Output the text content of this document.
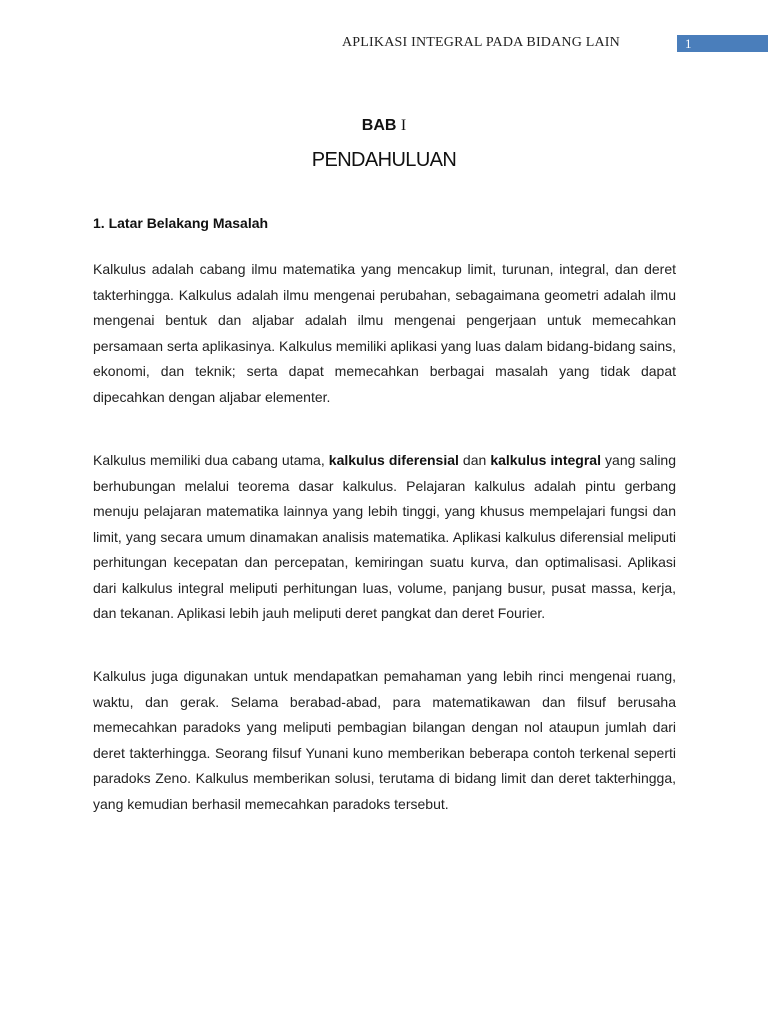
APLIKASI INTEGRAL PADA BIDANG LAIN	1
BAB I
PENDAHULUAN
1. Latar Belakang Masalah

Kalkulus adalah cabang ilmu matematika yang mencakup limit, turunan, integral, dan deret takterhingga. Kalkulus adalah ilmu mengenai perubahan, sebagaimana geometri adalah ilmu mengenai bentuk dan aljabar adalah ilmu mengenai pengerjaan untuk memecahkan persamaan serta aplikasinya. Kalkulus memiliki aplikasi yang luas dalam bidang-bidang sains, ekonomi, dan teknik; serta dapat memecahkan berbagai masalah yang tidak dapat dipecahkan dengan aljabar elementer.

Kalkulus memiliki dua cabang utama, kalkulus diferensial dan kalkulus integral yang saling berhubungan melalui teorema dasar kalkulus. Pelajaran kalkulus adalah pintu gerbang menuju pelajaran matematika lainnya yang lebih tinggi, yang khusus mempelajari fungsi dan limit, yang secara umum dinamakan analisis matematika. Aplikasi kalkulus diferensial meliputi perhitungan kecepatan dan percepatan, kemiringan suatu kurva, dan optimalisasi. Aplikasi dari kalkulus integral meliputi perhitungan luas, volume, panjang busur, pusat massa, kerja, dan tekanan. Aplikasi lebih jauh meliputi deret pangkat dan deret Fourier.

Kalkulus juga digunakan untuk mendapatkan pemahaman yang lebih rinci mengenai ruang, waktu, dan gerak. Selama berabad-abad, para matematikawan dan filsuf berusaha memecahkan paradoks yang meliputi pembagian bilangan dengan nol ataupun jumlah dari deret takterhingga. Seorang filsuf Yunani kuno memberikan beberapa contoh terkenal seperti paradoks Zeno. Kalkulus memberikan solusi, terutama di bidang limit dan deret takterhingga, yang kemudian berhasil memecahkan paradoks tersebut.
